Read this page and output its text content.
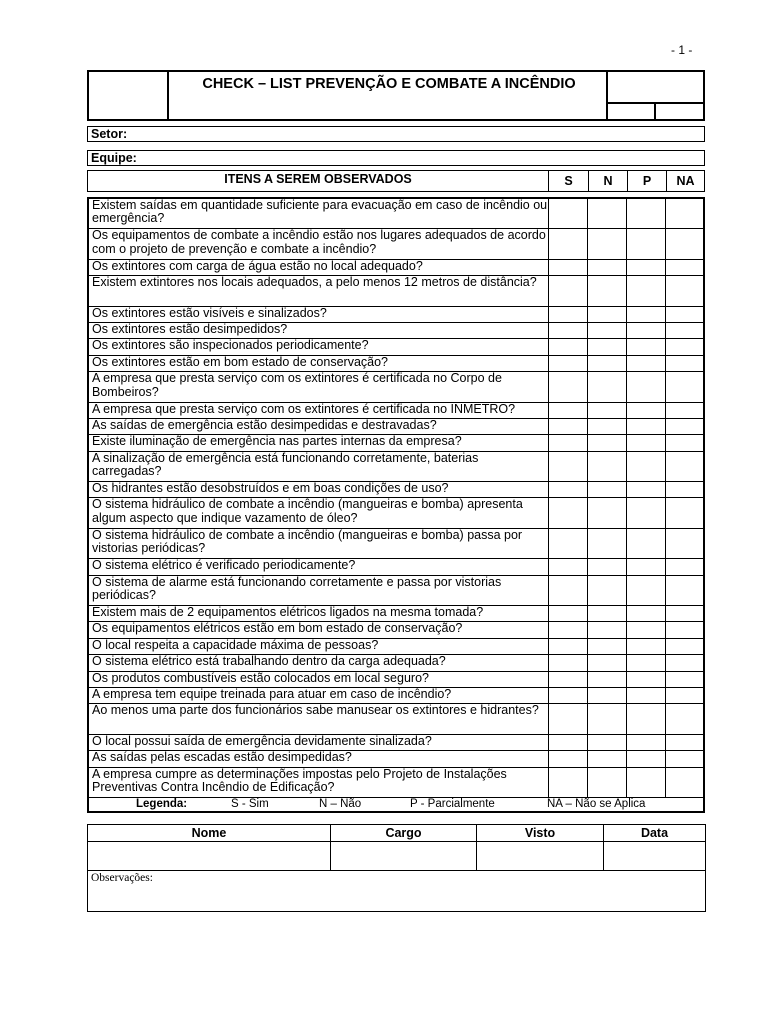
- 1 -
CHECK – LIST PREVENÇÃO E COMBATE A INCÊNDIO
Setor:
Equipe:
ITENS A SEREM OBSERVADOS	S	N	P	NA
Existem saídas em quantidade suficiente para evacuação em caso de incêndio ou emergência?				
Os equipamentos de combate a incêndio estão nos lugares adequados de acordo com o projeto de prevenção e combate a incêndio?				
Os extintores com carga de água estão no local adequado?				
Existem extintores nos locais adequados, a pelo menos 12 metros de distância?				
Os extintores estão visíveis e sinalizados?				
Os extintores estão desimpedidos?				
Os extintores são inspecionados periodicamente?				
Os extintores estão em bom estado de conservação?				
A empresa que presta serviço com os extintores é certificada no Corpo de Bombeiros?				
A empresa que presta serviço com os extintores é certificada no INMETRO?				
As saídas de emergência estão desimpedidas e destravadas?				
Existe iluminação de emergência nas partes internas da empresa?				
A sinalização de emergência está funcionando corretamente, baterias carregadas?				
Os hidrantes estão desobstruídos e em boas condições de uso?				
O sistema hidráulico de combate a incêndio (mangueiras e bomba) apresenta algum aspecto que indique vazamento de óleo?				
O sistema hidráulico de combate a incêndio (mangueiras e bomba) passa por vistorias periódicas?				
O sistema elétrico é verificado periodicamente?				
O sistema de alarme está funcionando corretamente e passa por vistorias periódicas?				
Existem mais de 2 equipamentos elétricos ligados na mesma tomada?				
Os equipamentos elétricos estão em bom estado de conservação?				
O local respeita a capacidade máxima de pessoas?				
O sistema elétrico está trabalhando dentro da carga adequada?				
Os produtos combustíveis estão colocados em local seguro?				
A empresa tem equipe treinada para atuar em caso de incêndio?				
Ao menos uma parte dos funcionários sabe manusear os extintores e hidrantes?				
O local possui saída de emergência devidamente sinalizada?				
As saídas pelas escadas estão desimpedidas?				
A empresa cumpre as determinações impostas pelo Projeto de Instalações Preventivas Contra Incêndio de Edificação?				

Legenda:	S - Sim	N – Não	P - Parcialmente	NA – Não se Aplica
Nome	Cargo	Visto	Data

Observações:			
